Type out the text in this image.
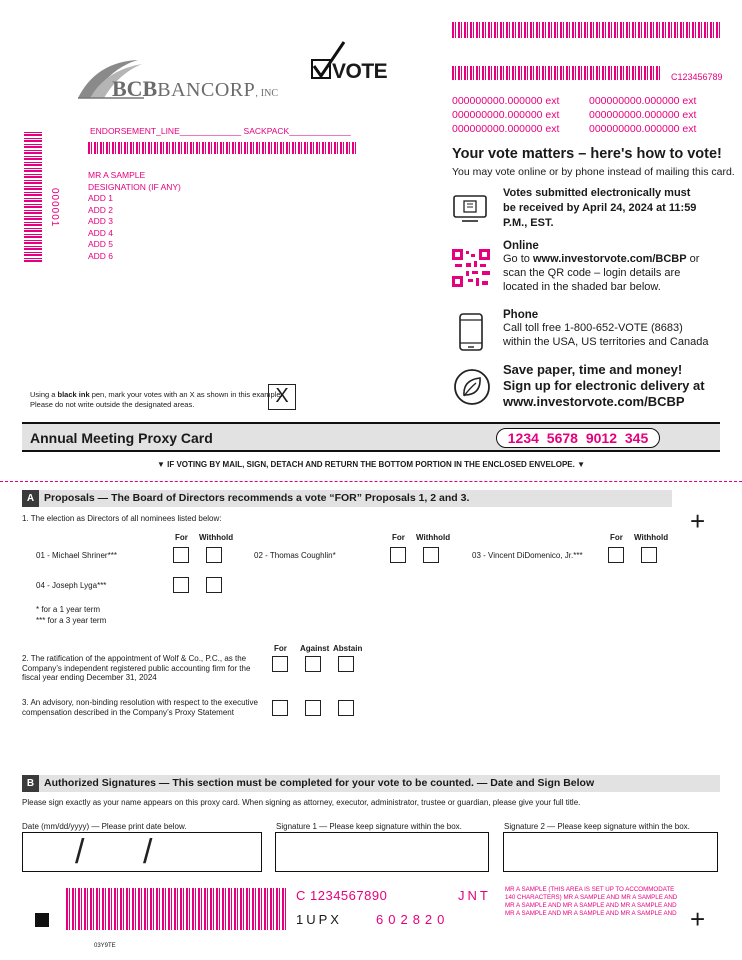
BCBBANCORP, INC
VOTE	C123456789
000000000.000000 ext
000000000.000000 ext
000000000.000000 ext
000000000.000000 ext
000000000.000000 ext
000000000.000000 ext
ENDORSEMENT_LINE_____________ SACKPACK_____________
000001
MR A SAMPLE
DESIGNATION (IF ANY)
ADD 1
ADD 2
ADD 3
ADD 4
ADD 5
ADD 6
Your vote matters – here's how to vote!
You may vote online or by phone instead of mailing this card.
Votes submitted electronically must be received by April 24, 2024 at 11:59 P.M., EST.
Online
Go to www.investorvote.com/BCBP or scan the QR code – login details are located in the shaded bar below.
Phone
Call toll free 1-800-652-VOTE (8683) within the USA, US territories and Canada
Save paper, time and money!
Sign up for electronic delivery at
www.investorvote.com/BCBP
Using a black ink pen, mark your votes with an X as shown in this example.
Please do not write outside the designated areas.	X
Annual Meeting Proxy Card	1234 5678 9012 345
▼ IF VOTING BY MAIL, SIGN, DETACH AND RETURN THE BOTTOM PORTION IN THE ENCLOSED ENVELOPE. ▼
A Proposals — The Board of Directors recommends a vote “FOR” Proposals 1, 2 and 3.
1. The election as Directors of all nominees listed below:	+
For Withhold	For Withhold	For Withhold
01 - Michael Shriner***	02 - Thomas Coughlin*	03 - Vincent DiDomenico, Jr.***
04 - Joseph Lyga***
* for a 1 year term
*** for a 3 year term
For Against Abstain
2. The ratification of the appointment of Wolf & Co., P.C., as the Company’s independent registered public accounting firm for the fiscal year ending December 31, 2024
3. An advisory, non-binding resolution with respect to the executive compensation described in the Company’s Proxy Statement
B Authorized Signatures — This section must be completed for your vote to be counted. — Date and Sign Below
Please sign exactly as your name appears on this proxy card. When signing as attorney, executor, administrator, trustee or guardian, please give your full title.
Date (mm/dd/yyyy) — Please print date below.
/ /
Signature 1 — Please keep signature within the box.	Signature 2 — Please keep signature within the box.
03Y9TE
C 1234567890	JNT
1UPX	602820
MR A SAMPLE (THIS AREA IS SET UP TO ACCOMMODATE 140 CHARACTERS) MR A SAMPLE AND MR A SAMPLE AND MR A SAMPLE AND MR A SAMPLE AND MR A SAMPLE AND MR A SAMPLE AND MR A SAMPLE AND MR A SAMPLE AND +
